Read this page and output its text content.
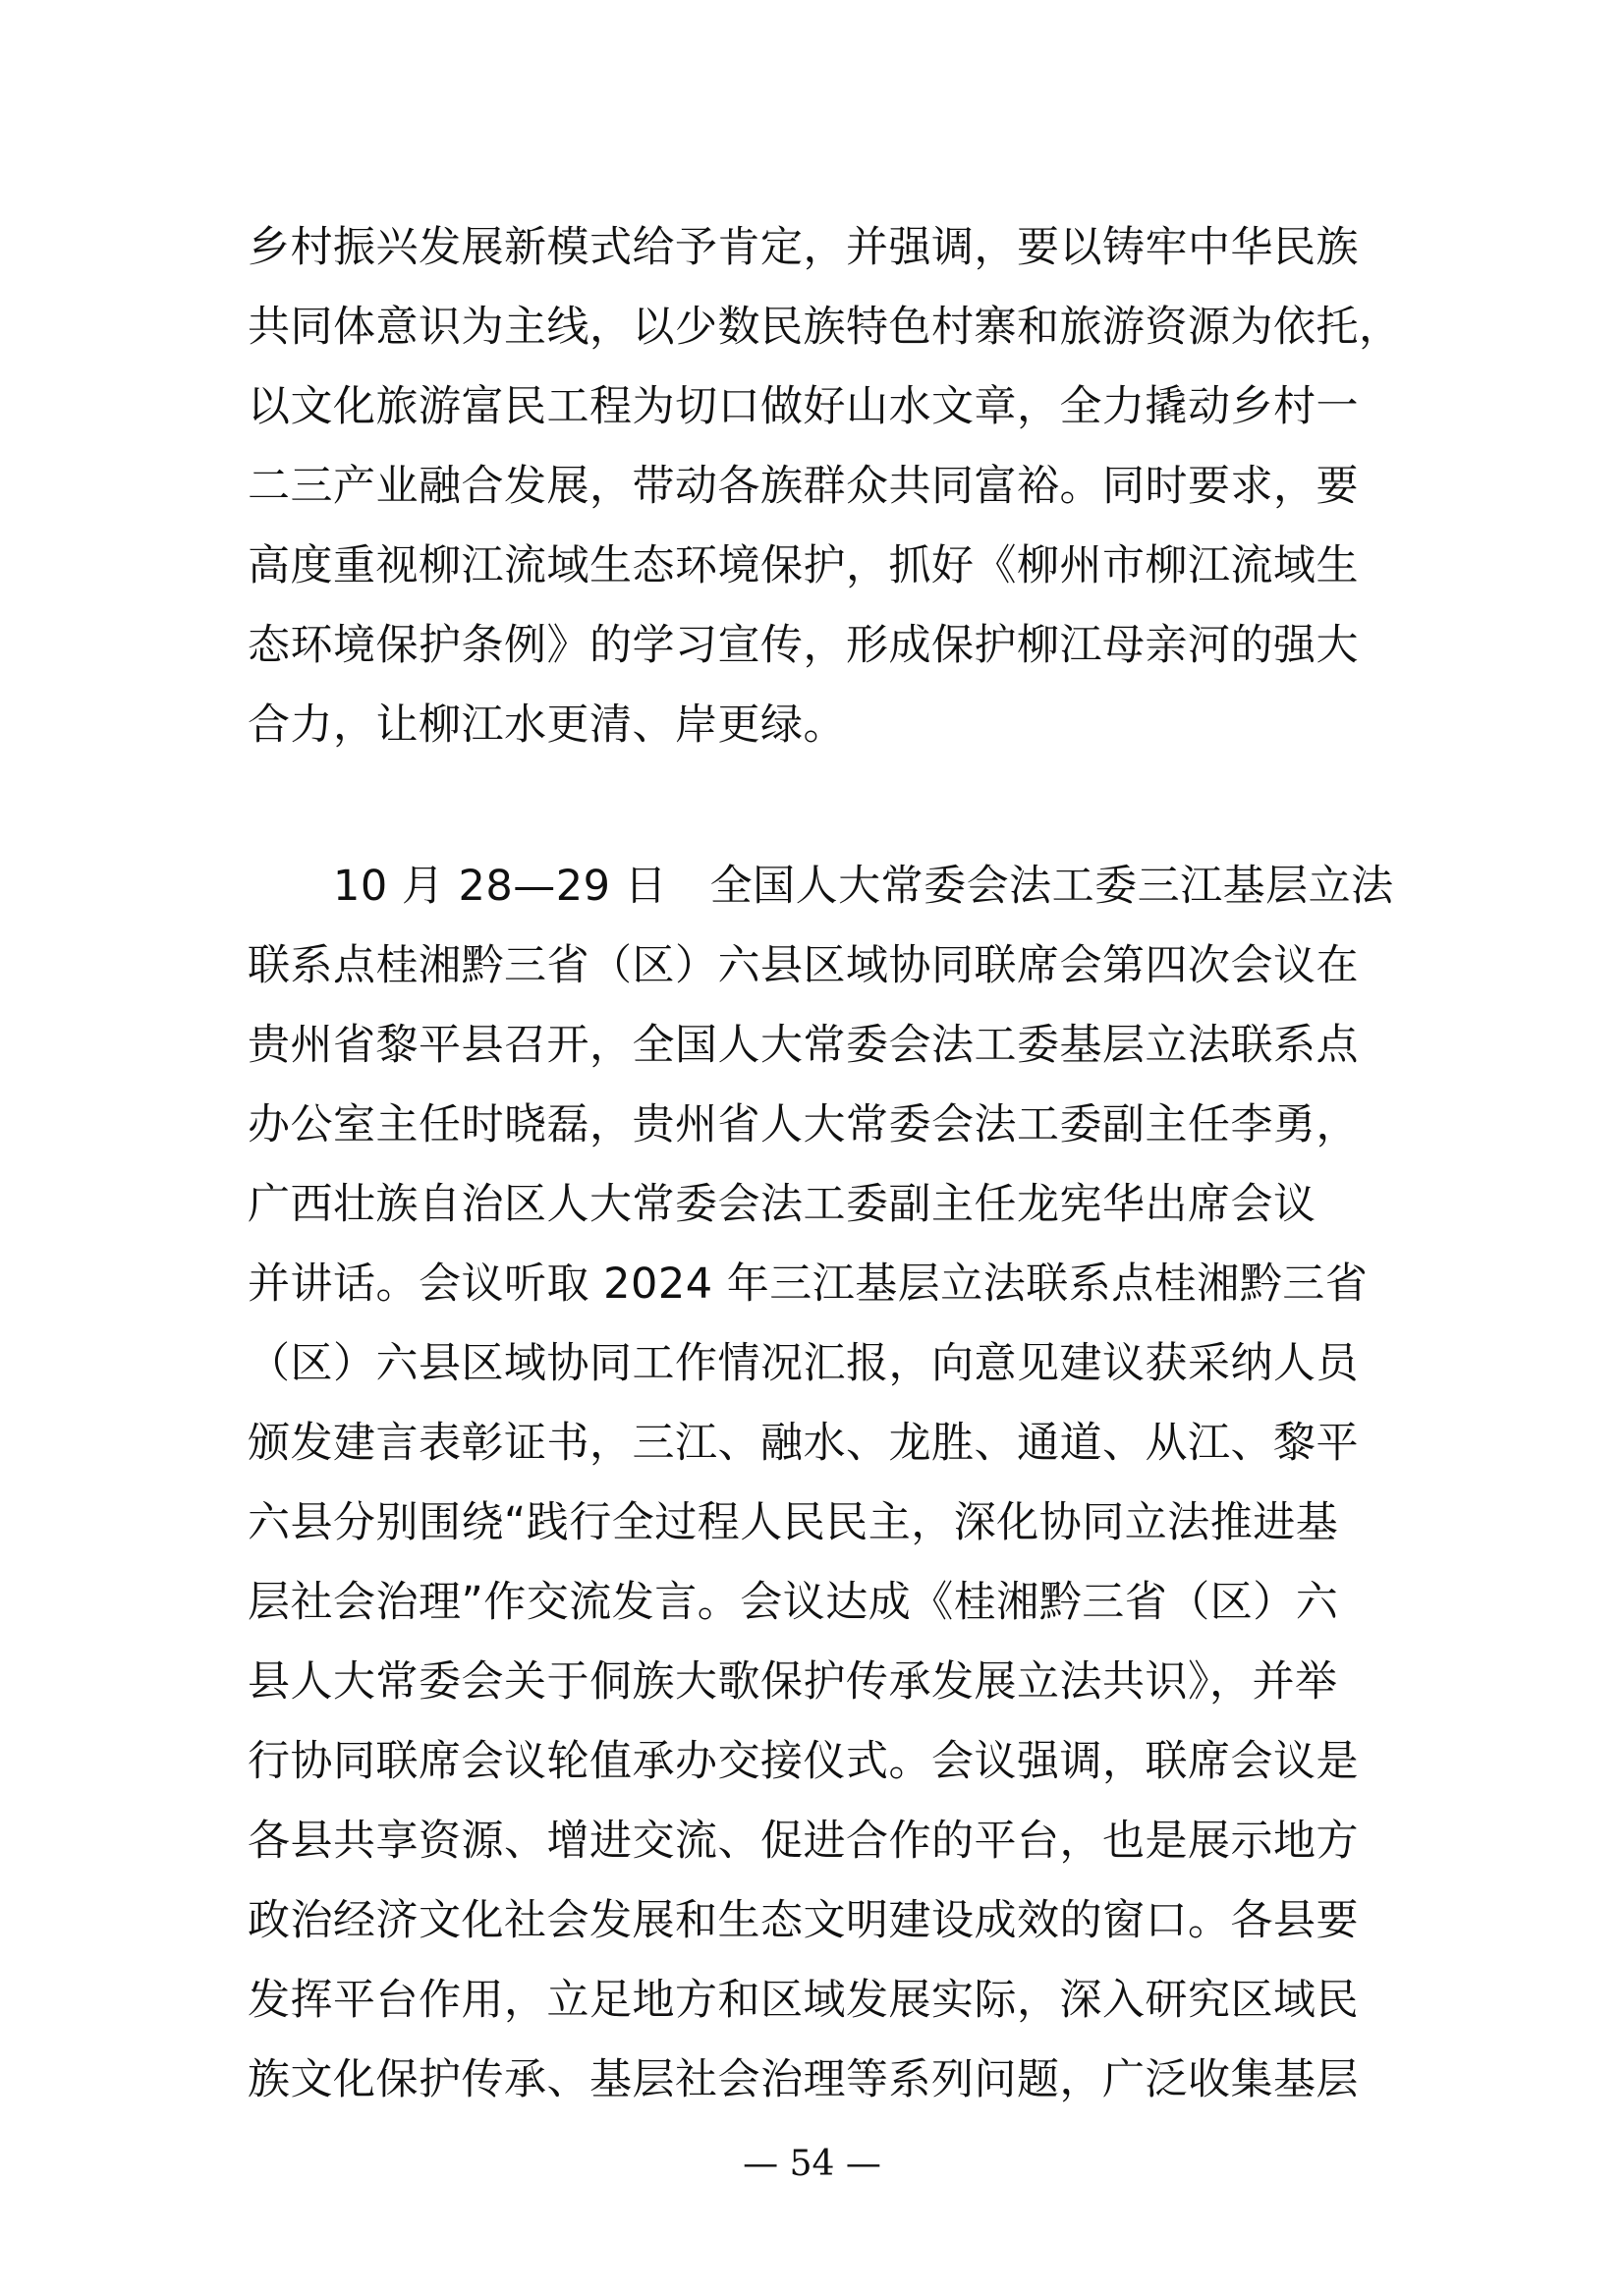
乡村振兴发展新模式给予肯定，并强调，要以铸牢中华民族
共同体意识为主线，以少数民族特色村寨和旅游资源为依托，
以文化旅游富民工程为切口做好山水文章，全力撬动乡村一
二三产业融合发展，带动各族群众共同富裕。同时要求，要
高度重视柳江流域生态环境保护，抓好《柳州市柳江流域生
态环境保护条例》的学习宣传，形成保护柳江母亲河的强大
合力，让柳江水更清、岸更绿。
　　10 月 28—29 日　全国人大常委会法工委三江基层立法
联系点桂湘黔三省（区）六县区域协同联席会第四次会议在
贵州省黎平县召开，全国人大常委会法工委基层立法联系点
办公室主任时晓磊，贵州省人大常委会法工委副主任李勇，
广西壮族自治区人大常委会法工委副主任龙宪华出席会议
并讲话。会议听取 2024 年三江基层立法联系点桂湘黔三省
（区）六县区域协同工作情况汇报，向意见建议获采纳人员
颁发建言表彰证书，三江、融水、龙胜、通道、从江、黎平
六县分别围绕“践行全过程人民民主，深化协同立法推进基
层社会治理”作交流发言。会议达成《桂湘黔三省（区）六
县人大常委会关于侗族大歌保护传承发展立法共识》，并举
行协同联席会议轮值承办交接仪式。会议强调，联席会议是
各县共享资源、增进交流、促进合作的平台，也是展示地方
政治经济文化社会发展和生态文明建设成效的窗口。各县要
发挥平台作用，立足地方和区域发展实际，深入研究区域民
族文化保护传承、基层社会治理等系列问题，广泛收集基层
— 54 —
